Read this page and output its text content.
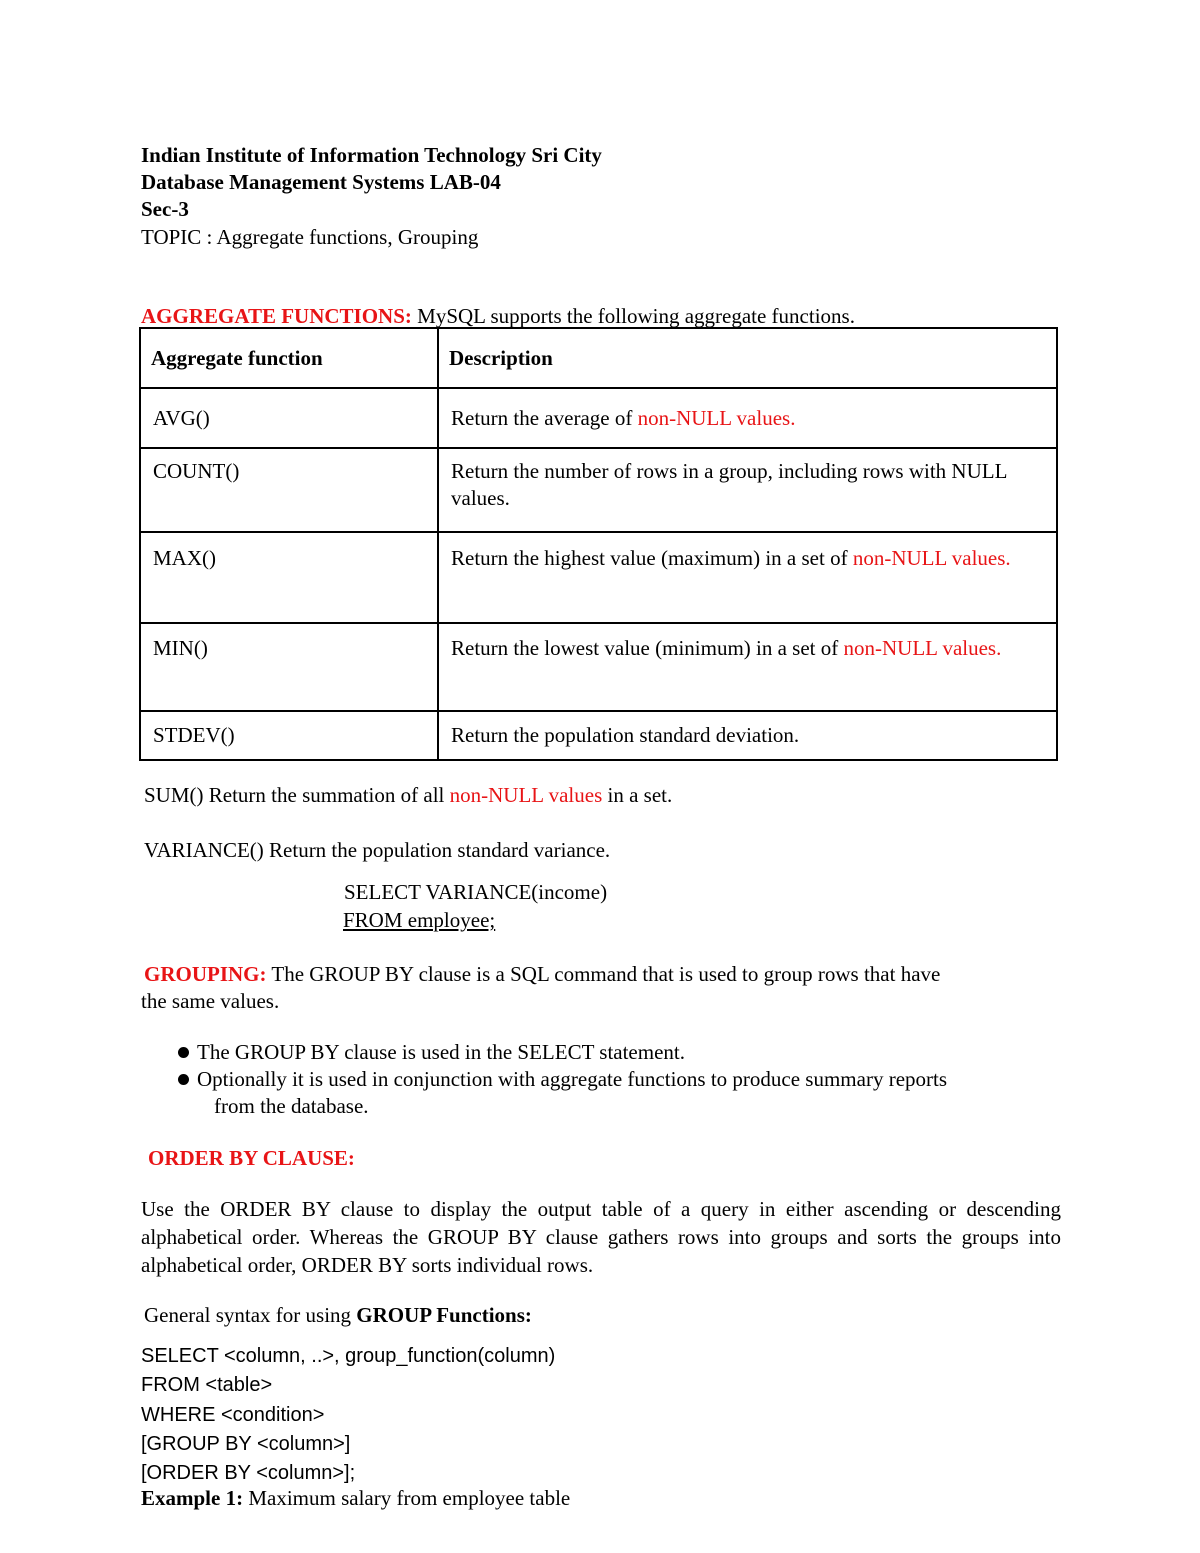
Indian Institute of Information Technology Sri City
Database Management Systems LAB-04
Sec-3
TOPIC : Aggregate functions, Grouping
AGGREGATE FUNCTIONS: MySQL supports the following aggregate functions.
Aggregate function	Description
AVG()	Return the average of non-NULL values.
COUNT()	Return the number of rows in a group, including rows with NULL values.
MAX()	Return the highest value (maximum) in a set of non-NULL values.
MIN()	Return the lowest value (minimum) in a set of non-NULL values.
STDEV()	Return the population standard deviation.
SUM() Return the summation of all non-NULL values in a set.
VARIANCE() Return the population standard variance.
SELECT VARIANCE(income)
FROM employee;
GROUPING: The GROUP BY clause is a SQL command that is used to group rows that have
the same values.
The GROUP BY clause is used in the SELECT statement.
Optionally it is used in conjunction with aggregate functions to produce summary reports
from the database.
ORDER BY CLAUSE:
Use the ORDER BY clause to display the output table of a query in either ascending or descending alphabetical order. Whereas the GROUP BY clause gathers rows into groups and sorts the groups into alphabetical order, ORDER BY sorts individual rows.
General syntax for using GROUP Functions:
SELECT <column, ..>, group_function(column)
FROM <table>
WHERE <condition>
[GROUP BY <column>]
[ORDER BY <column>];
Example 1: Maximum salary from employee table
